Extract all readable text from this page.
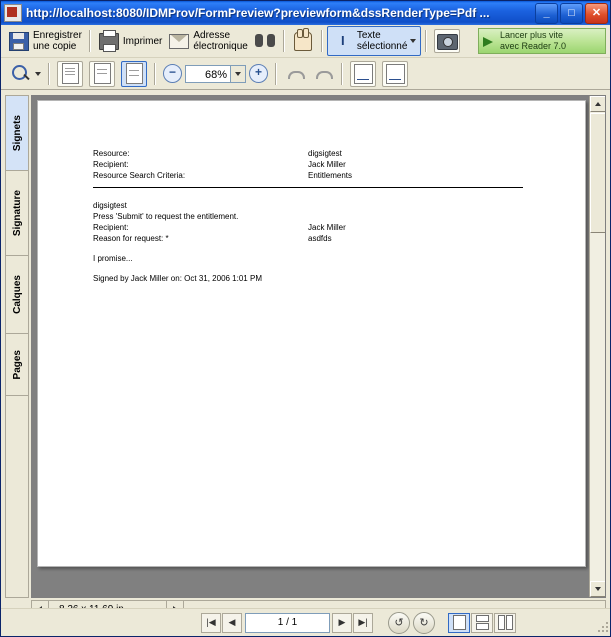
http://localhost:8080/IDMProv/FormPreview?previewform&dssRenderType=Pdf ...	_	□	✕
Enregistrer
une copie	Imprimer	Adresse
électronique	I	Texte
sélectionné
Lancer plus vite
avec Reader 7.0
−	68%	+
Signets
Signature
Calques
Pages
Resource:	digsigtest
Recipient:	Jack Miller
Resource Search Criteria:	Entitlements
digsigtest
Press 'Submit' to request the entitlement.
Recipient:	Jack Miller
Reason for request: *	asdfds
I promise...
Signed by Jack Miller on: Oct 31, 2006 1:01 PM
|◀ ◀	1 / 1	▶ ▶| ↺ ↻
